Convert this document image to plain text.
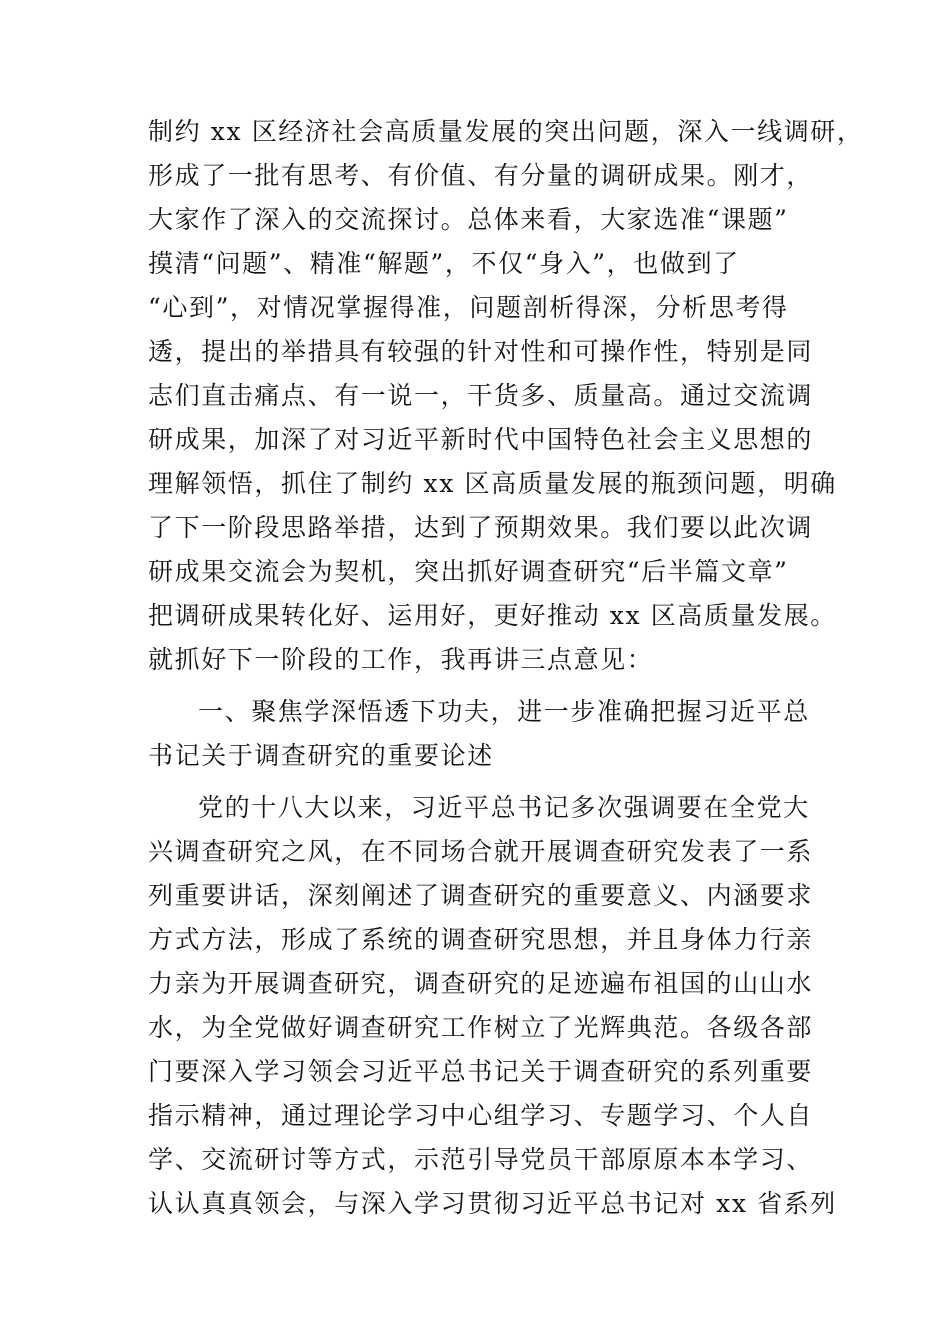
制约 xx 区经济社会高质量发展的突出问题，深入一线调研，
形成了一批有思考、有价值、有分量的调研成果。刚才，
大家作了深入的交流探讨。总体来看，大家选准“课题”
摸清“问题”、精准“解题”，不仅“身入”，也做到了
“心到”，对情况掌握得准，问题剖析得深，分析思考得
透，提出的举措具有较强的针对性和可操作性，特别是同
志们直击痛点、有一说一，干货多、质量高。通过交流调
研成果，加深了对习近平新时代中国特色社会主义思想的
理解领悟，抓住了制约 xx 区高质量发展的瓶颈问题，明确
了下一阶段思路举措，达到了预期效果。我们要以此次调
研成果交流会为契机，突出抓好调查研究“后半篇文章”
把调研成果转化好、运用好，更好推动 xx 区高质量发展。
就抓好下一阶段的工作，我再讲三点意见：
一、聚焦学深悟透下功夫，进一步准确把握习近平总
书记关于调查研究的重要论述
党的十八大以来，习近平总书记多次强调要在全党大
兴调查研究之风，在不同场合就开展调查研究发表了一系
列重要讲话，深刻阐述了调查研究的重要意义、内涵要求
方式方法，形成了系统的调查研究思想，并且身体力行亲
力亲为开展调查研究，调查研究的足迹遍布祖国的山山水
水，为全党做好调查研究工作树立了光辉典范。各级各部
门要深入学习领会习近平总书记关于调查研究的系列重要
指示精神，通过理论学习中心组学习、专题学习、个人自
学、交流研讨等方式，示范引导党员干部原原本本学习、
认认真真领会，与深入学习贯彻习近平总书记对 xx 省系列
